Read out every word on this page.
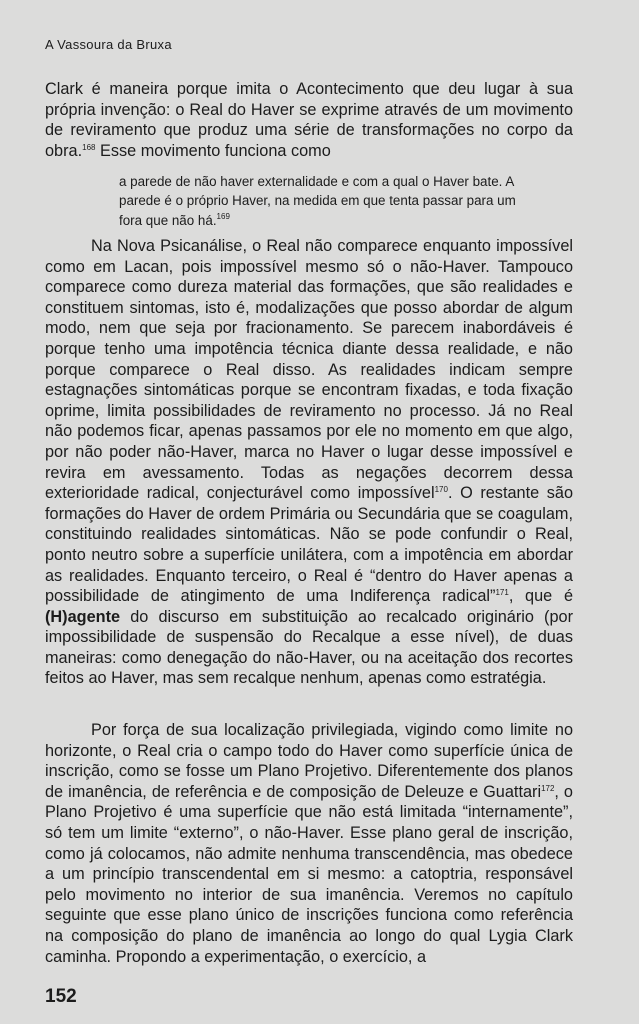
A Vassoura da Bruxa

Clark é maneira porque imita o Acontecimento que deu lugar à sua própria invenção: o Real do Haver se exprime através de um movimento de reviramento que produz uma série de transformações no corpo da obra.$^{168}$ Esse movimento funciona como

a parede de não haver externalidade e com a qual o Haver bate. A parede é o próprio Haver, na medida em que tenta passar para um fora que não há.$^{169}$

Na Nova Psicanálise, o Real não comparece enquanto impossível como em Lacan, pois impossível mesmo só o não-Haver. Tampouco comparece como dureza material das formações, que são realidades e constituem sintomas, isto é, modalizações que posso abordar de algum modo, nem que seja por fracionamento. Se parecem inabordáveis é porque tenho uma impotência técnica diante dessa realidade, e não porque comparece o Real disso. As realidades indicam sempre estagnações sintomáticas porque se encontram fixadas, e toda fixação oprime, limita possibilidades de reviramento no processo. Já no Real não podemos ficar, apenas passamos por ele no momento em que algo, por não poder não-Haver, marca no Haver o lugar desse impossível e revira em avessamento. Todas as negações decorrem dessa exterioridade radical, conjecturável como impossível$^{170}$. O restante são formações do Haver de ordem Primária ou Secundária que se coagulam, constituindo realidades sintomáticas. Não se pode confundir o Real, ponto neutro sobre a superfície unilátera, com a impotência em abordar as realidades. Enquanto terceiro, o Real é “dentro do Haver apenas a possibilidade de atingimento de uma Indiferença radical”$^{171}$, que é (H)agente do discurso em substituição ao recalcado originário (por impossibilidade de suspensão do Recalque a esse nível), de duas maneiras: como denegação do não-Haver, ou na aceitação dos recortes feitos ao Haver, mas sem recalque nenhum, apenas como estratégia.

Por força de sua localização privilegiada, vigindo como limite no horizonte, o Real cria o campo todo do Haver como superfície única de inscrição, como se fosse um Plano Projetivo. Diferentemente dos planos de imanência, de referência e de composição de Deleuze e Guattari$^{172}$, o Plano Projetivo é uma superfície que não está limitada “internamente”, só tem um limite “externo”, o não-Haver. Esse plano geral de inscrição, como já colocamos, não admite nenhuma transcendência, mas obedece a um princípio transcendental em si mesmo: a catoptria, responsável pelo movimento no interior de sua imanência. Veremos no capítulo seguinte que esse plano único de inscrições funciona como referência na composição do plano de imanência ao longo do qual Lygia Clark caminha. Propondo a experimentação, o exercício, a

152
